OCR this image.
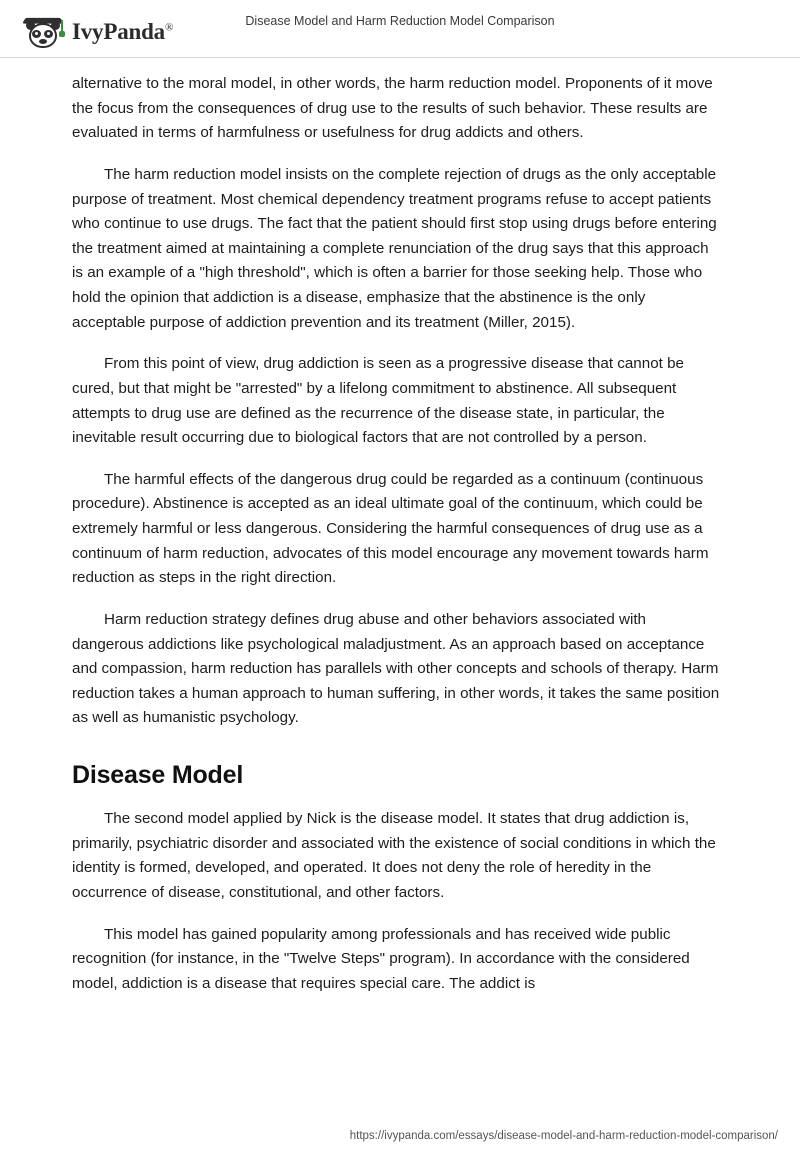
IvyPanda®	Disease Model and Harm Reduction Model Comparison

alternative to the moral model, in other words, the harm reduction model. Proponents of it move the focus from the consequences of drug use to the results of such behavior. These results are evaluated in terms of harmfulness or usefulness for drug addicts and others.

The harm reduction model insists on the complete rejection of drugs as the only acceptable purpose of treatment. Most chemical dependency treatment programs refuse to accept patients who continue to use drugs. The fact that the patient should first stop using drugs before entering the treatment aimed at maintaining a complete renunciation of the drug says that this approach is an example of a "high threshold", which is often a barrier for those seeking help. Those who hold the opinion that addiction is a disease, emphasize that the abstinence is the only acceptable purpose of addiction prevention and its treatment (Miller, 2015).

From this point of view, drug addiction is seen as a progressive disease that cannot be cured, but that might be "arrested" by a lifelong commitment to abstinence. All subsequent attempts to drug use are defined as the recurrence of the disease state, in particular, the inevitable result occurring due to biological factors that are not controlled by a person.

The harmful effects of the dangerous drug could be regarded as a continuum (continuous procedure). Abstinence is accepted as an ideal ultimate goal of the continuum, which could be extremely harmful or less dangerous. Considering the harmful consequences of drug use as a continuum of harm reduction, advocates of this model encourage any movement towards harm reduction as steps in the right direction.

Harm reduction strategy defines drug abuse and other behaviors associated with dangerous addictions like psychological maladjustment. As an approach based on acceptance and compassion, harm reduction has parallels with other concepts and schools of therapy. Harm reduction takes a human approach to human suffering, in other words, it takes the same position as well as humanistic psychology.

Disease Model

The second model applied by Nick is the disease model. It states that drug addiction is, primarily, psychiatric disorder and associated with the existence of social conditions in which the identity is formed, developed, and operated. It does not deny the role of heredity in the occurrence of disease, constitutional, and other factors.

This model has gained popularity among professionals and has received wide public recognition (for instance, in the "Twelve Steps" program). In accordance with the considered model, addiction is a disease that requires special care. The addict is

https://ivypanda.com/essays/disease-model-and-harm-reduction-model-comparison/
